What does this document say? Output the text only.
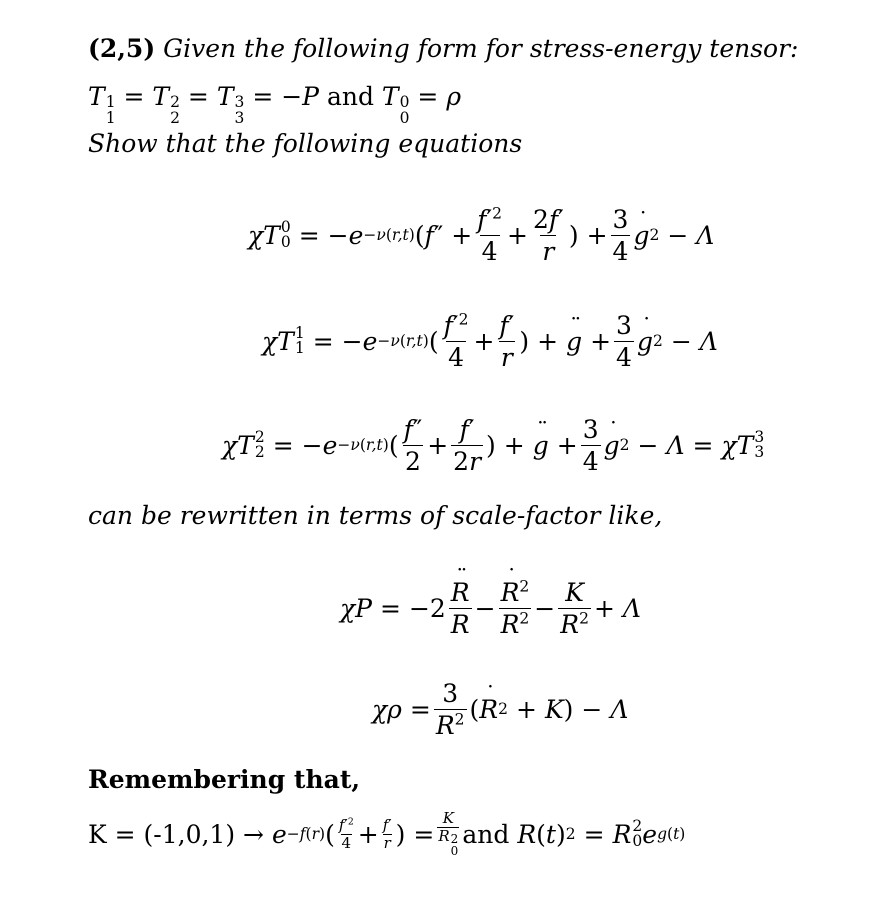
(2,5) Given the following form for stress-energy tensor:
T 1
1
= T 2
2
= T 3
3
= −P and T 0
0
= ρ
Show that the following equations
χT 0
0 = − e −ν(r,t) ( f ″ + $\frac{f'^2}{4} + \frac{2f'}{r}$ ) + $\frac{3}{4}$ ˙ g 2 − Λ
χT 1
1 = − e −ν(r,t) ( $\frac{f'^2}{4} + \frac{f'}{r}$ ) + ¨ $g + \frac{3}{4}$ ˙ g 2 − Λ
χT 2
2 = − e −ν(r,t) ( $\frac{f''}{2} + \frac{f'}{2r}$ ) + ¨ $g + \frac{3}{4}$ ˙ g 2 − Λ = χT 3
3
can be rewritten in terms of scale-factor like,
χP = −2 ¨ $\frac{R}{R}$ − ˙ $\frac{R^2}{R^2} - \frac{K}{R^2} + \Lambda$
$\chi\rho = \frac{3}{R^2}$ ( ˙ R 2 + K ) − Λ
Remembering that,
K = (-1,0,1) → e −f(r) ( $\frac{f'^2}{4} + \frac{f'}{r}$ ) = K
R 2
0 and R ( t ) 2 = R 2
0 e g(t)
